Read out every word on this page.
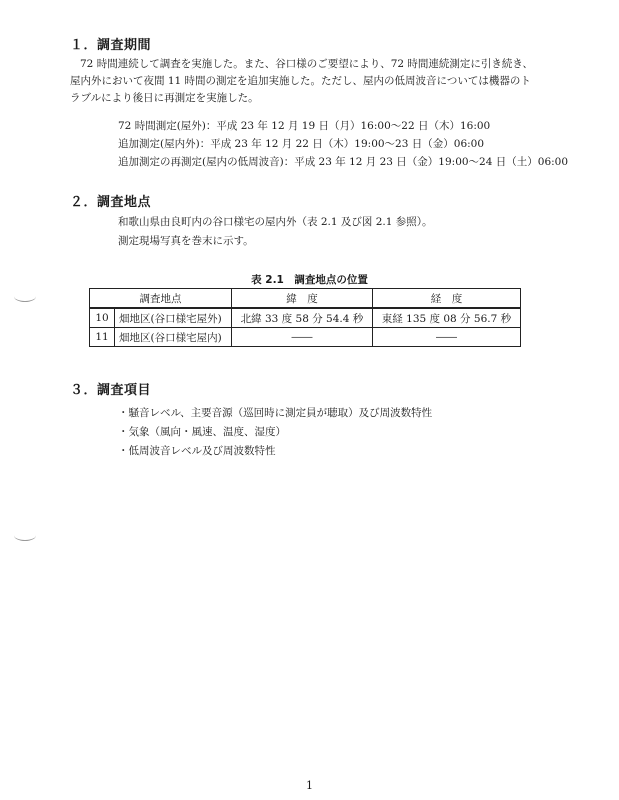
１．調査期間
72 時間連続して調査を実施した。また、谷口様のご要望により、72 時間連続測定に引き続き、
屋内外において夜間 11 時間の測定を追加実施した。ただし、屋内の低周波音については機器のト
ラブルにより後日に再測定を実施した。
72 時間測定(屋外)：平成 23 年 12 月 19 日（月）16:00～22 日（木）16:00
追加測定(屋内外)：平成 23 年 12 月 22 日（木）19:00～23 日（金）06:00
追加測定の再測定(屋内の低周波音)：平成 23 年 12 月 23 日（金）19:00～24 日（土）06:00
２．調査地点
和歌山県由良町内の谷口様宅の屋内外（表 2.1 及び図 2.1 参照）。
測定現場写真を巻末に示す。
表 2.1　調査地点の位置
調査地点		緯　度	経　度
10	畑地区(谷口様宅屋外)	北緯 33 度 58 分 54.4 秒	東経 135 度 08 分 56.7 秒
11	畑地区(谷口様宅屋内)	――	――
３．調査項目
・騒音レベル、主要音源（巡回時に測定員が聴取）及び周波数特性
・気象（風向・風速、温度、湿度）
・低周波音レベル及び周波数特性
1
